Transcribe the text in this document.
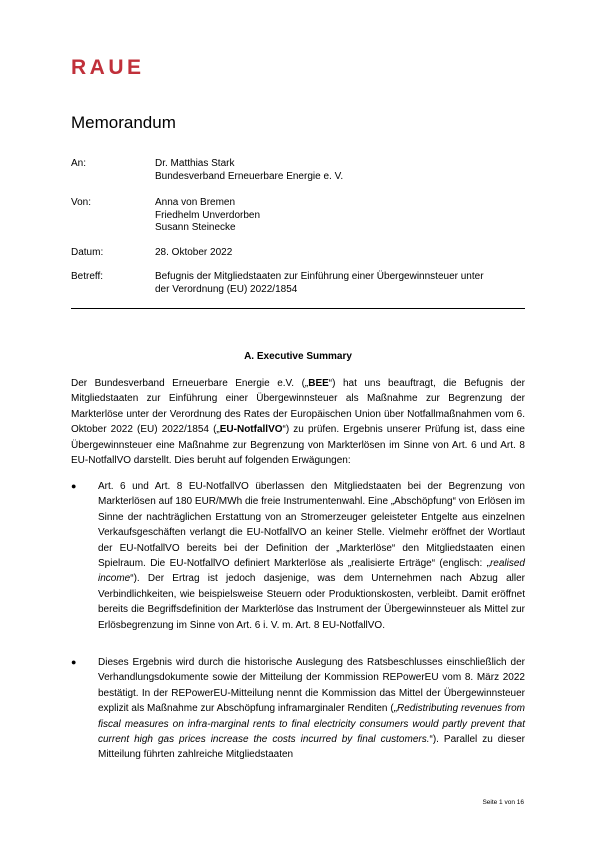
RAUE
Memorandum
An:	Dr. Matthias Stark
Bundesverband Erneuerbare Energie e. V.
Von:	Anna von Bremen
Friedhelm Unverdorben
Susann Steinecke
Datum:	28. Oktober 2022
Betreff:	Befugnis der Mitgliedstaaten zur Einführung einer Übergewinnsteuer unter
der Verordnung (EU) 2022/1854
A. Executive Summary
Der Bundesverband Erneuerbare Energie e.V. („BEE“) hat uns beauftragt, die Befugnis der Mitgliedstaaten zur Einführung einer Übergewinnsteuer als Maßnahme zur Begrenzung der Markterlöse unter der Verordnung des Rates der Europäischen Union über Notfallmaßnahmen vom 6. Oktober 2022 (EU) 2022/1854 („EU-NotfallVO“) zu prüfen. Ergebnis unserer Prüfung ist, dass eine Übergewinnsteuer eine Maßnahme zur Begrenzung von Markterlösen im Sinne von Art. 6 und Art. 8 EU-NotfallVO darstellt. Dies beruht auf folgenden Erwägungen:
● Art. 6 und Art. 8 EU-NotfallVO überlassen den Mitgliedstaaten bei der Begrenzung von Markterlösen auf 180 EUR/MWh die freie Instrumentenwahl. Eine „Abschöpfung“ von Erlösen im Sinne der nachträglichen Erstattung von an Stromerzeuger geleisteter Entgelte aus einzelnen Verkaufsgeschäften verlangt die EU-NotfallVO an keiner Stelle. Vielmehr eröffnet der Wortlaut der EU-NotfallVO bereits bei der Definition der „Markterlöse“ den Mitgliedstaaten einen Spielraum. Die EU-NotfallVO definiert Markterlöse als „realisierte Erträge“ (englisch: „realised income“). Der Ertrag ist jedoch dasjenige, was dem Unternehmen nach Abzug aller Verbindlichkeiten, wie beispielsweise Steuern oder Produktionskosten, verbleibt. Damit eröffnet bereits die Begriffsdefinition der Markterlöse das Instrument der Übergewinnsteuer als Mittel zur Erlösbegrenzung im Sinne von Art. 6 i. V. m. Art. 8 EU-NotfallVO.
● Dieses Ergebnis wird durch die historische Auslegung des Ratsbeschlusses einschließlich der Verhandlungsdokumente sowie der Mitteilung der Kommission REPowerEU vom 8. März 2022 bestätigt. In der REPowerEU-Mitteilung nennt die Kommission das Mittel der Übergewinnsteuer explizit als Maßnahme zur Abschöpfung inframarginaler Renditen („Redistributing revenues from fiscal measures on infra-marginal rents to final electricity consumers would partly prevent that current high gas prices increase the costs incurred by final customers.“). Parallel zu dieser Mitteilung führten zahlreiche Mitgliedstaaten
Seite 1 von 16
